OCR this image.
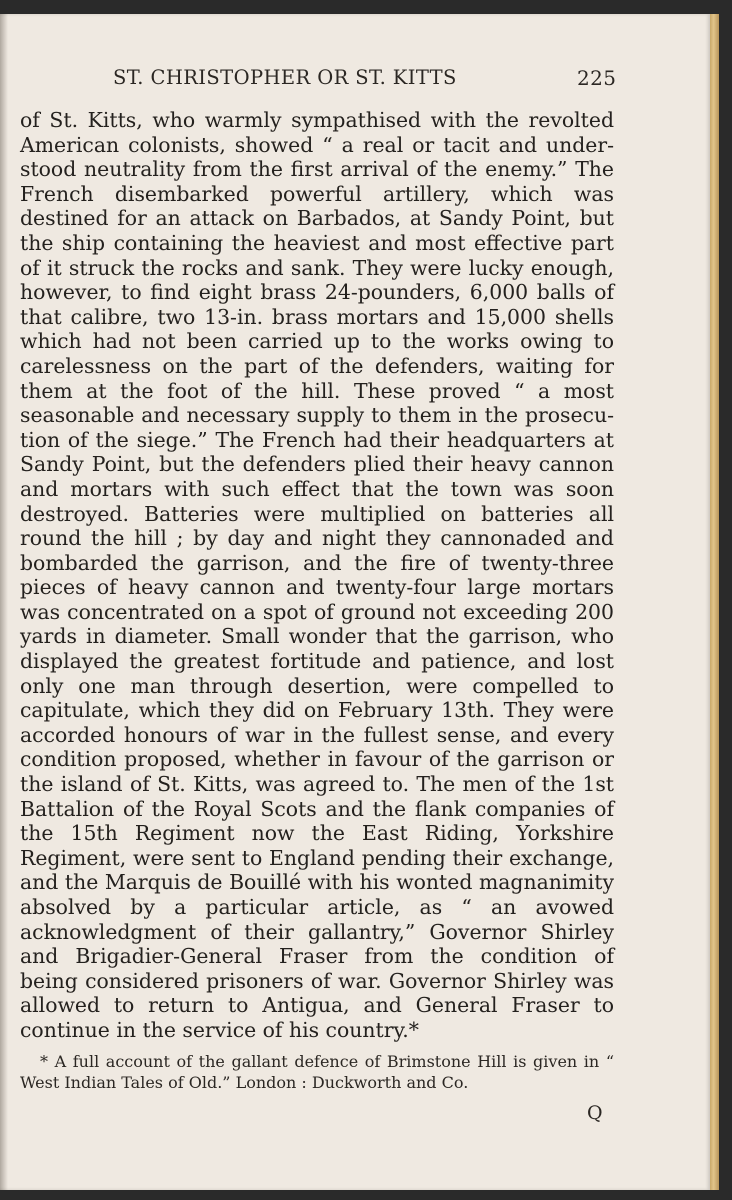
ST. CHRISTOPHER OR ST. KITTS	225

of St. Kitts, who warmly sympathised with the revolted American colonists, showed “ a real or tacit and understood neutrality from the first arrival of the enemy.” The French disembarked powerful artillery, which was destined for an attack on Barbados, at Sandy Point, but the ship containing the heaviest and most effective part of it struck the rocks and sank. They were lucky enough, however, to find eight brass 24-pounders, 6,000 balls of that calibre, two 13-in. brass mortars and 15,000 shells which had not been carried up to the works owing to carelessness on the part of the defenders, waiting for them at the foot of the hill. These proved “ a most seasonable and necessary supply to them in the prosecution of the siege.” The French had their headquarters at Sandy Point, but the defenders plied their heavy cannon and mortars with such effect that the town was soon destroyed. Batteries were multiplied on batteries all round the hill ; by day and night they cannonaded and bombarded the garrison, and the fire of twenty-three pieces of heavy cannon and twenty-four large mortars was concentrated on a spot of ground not exceeding 200 yards in diameter. Small wonder that the garrison, who displayed the greatest fortitude and patience, and lost only one man through desertion, were compelled to capitulate, which they did on February 13th. They were accorded honours of war in the fullest sense, and every condition proposed, whether in favour of the garrison or the island of St. Kitts, was agreed to. The men of the 1st Battalion of the Royal Scots and the flank companies of the 15th Regiment now the East Riding, Yorkshire Regiment, were sent to England pending their exchange, and the Marquis de Bouillé with his wonted magnanimity absolved by a particular article, as “ an avowed acknowledgment of their gallantry,” Governor Shirley and Brigadier-General Fraser from the condition of being considered prisoners of war. Governor Shirley was allowed to return to Antigua, and General Fraser to continue in the service of his country.*

* A full account of the gallant defence of Brimstone Hill is given in “ West Indian Tales of Old.” London : Duckworth and Co.

Q
